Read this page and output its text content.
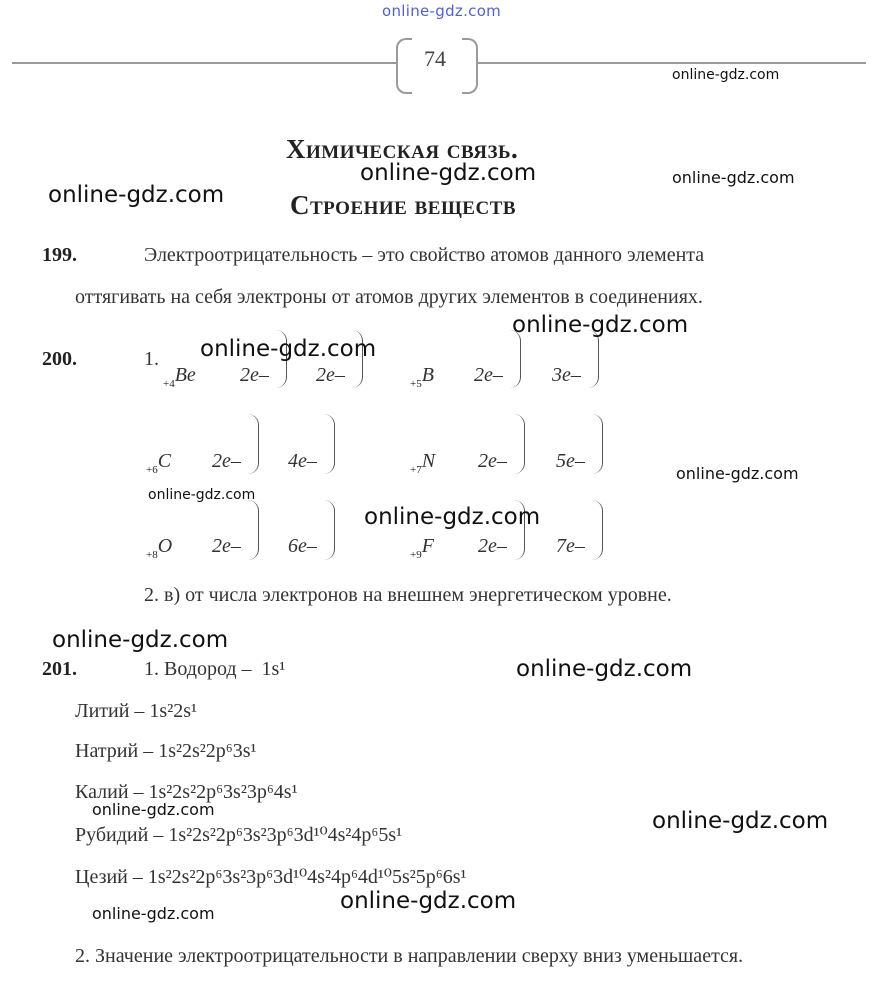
online-gdz.com
74
Химическая связь.
Строение веществ
199.	Электроотрицательность – это свойство атомов данного элемента
оттягивать на себя электроны от атомов других элементов в соединениях.
200.	1.
$_{+4}$Be 2e– 2e–	$_{+5}$B 2e– 3e–
$_{+6}$C 2e– 4e–	$_{+7}$N 2e– 5e–
$_{+8}$O 2e– 6e–	$_{+9}$F 2e– 7e–
2. в) от числа электронов на внешнем энергетическом уровне.
201.	1. Водород – 1s¹
Литий – 1s²2s¹
Натрий – 1s²2s²2p⁶3s¹
Калий – 1s²2s²2p⁶3s²3p⁶4s¹
Рубидий – 1s²2s²2p⁶3s²3p⁶3d¹⁰4s²4p⁶5s¹
Цезий – 1s²2s²2p⁶3s²3p⁶3d¹⁰4s²4p⁶4d¹⁰5s²5p⁶6s¹
2. Значение электроотрицательности в направлении сверху вниз уменьшается.
online-gdz.com
online-gdz.com	online-gdz.com
online-gdz.com
online-gdz.com
online-gdz.com
online-gdz.com
online-gdz.com
online-gdz.com
online-gdz.com
online-gdz.com
online-gdz.com	online-gdz.com
online-gdz.com
online-gdz.com
